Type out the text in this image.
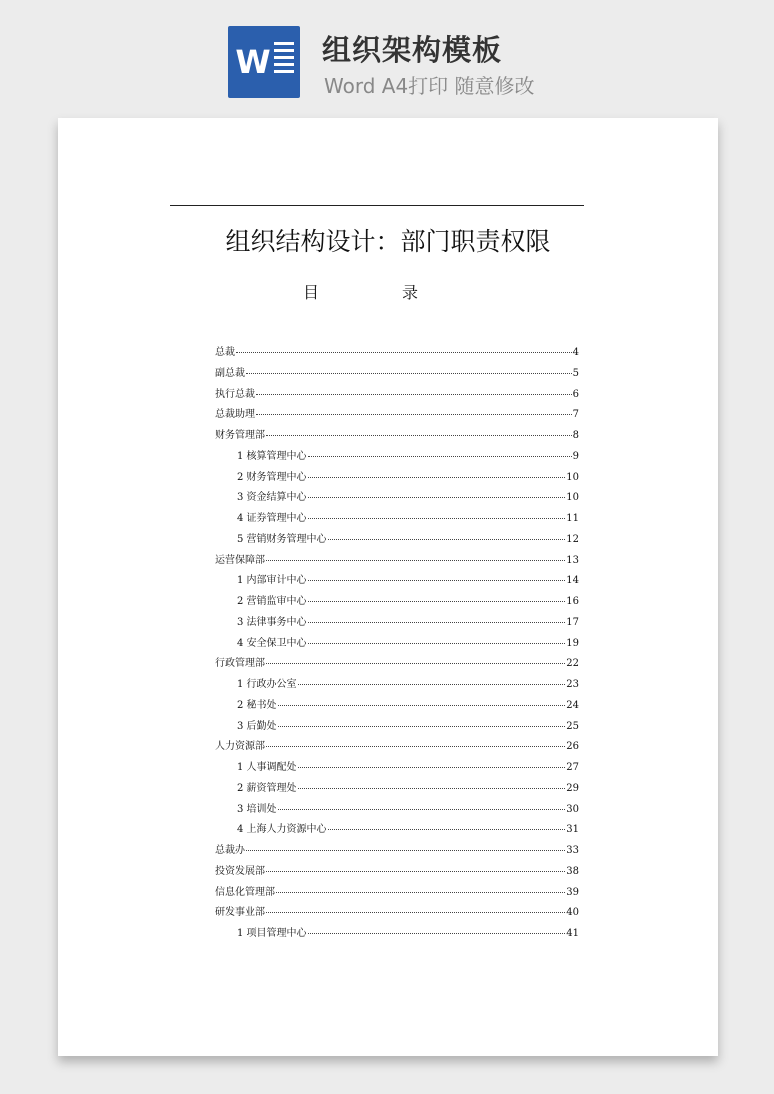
W 组织架构模板
Word A4打印 随意修改
组织结构设计：部门职责权限
目	录
总裁	4
副总裁	5
执行总裁	6
总裁助理	7
财务管理部	8
1 核算管理中心	9
2 财务管理中心	10
3 资金结算中心	10
4 证券管理中心	11
5 营销财务管理中心	12
运营保障部	13
1 内部审计中心	14
2 营销监审中心	16
3 法律事务中心	17
4 安全保卫中心	19
行政管理部	22
1 行政办公室	23
2 秘书处	24
3 后勤处	25
人力资源部	26
1 人事调配处	27
2 薪资管理处	29
3 培训处	30
4 上海人力资源中心	31
总裁办	33
投资发展部	38
信息化管理部	39
研发事业部	40
1 项目管理中心	41
